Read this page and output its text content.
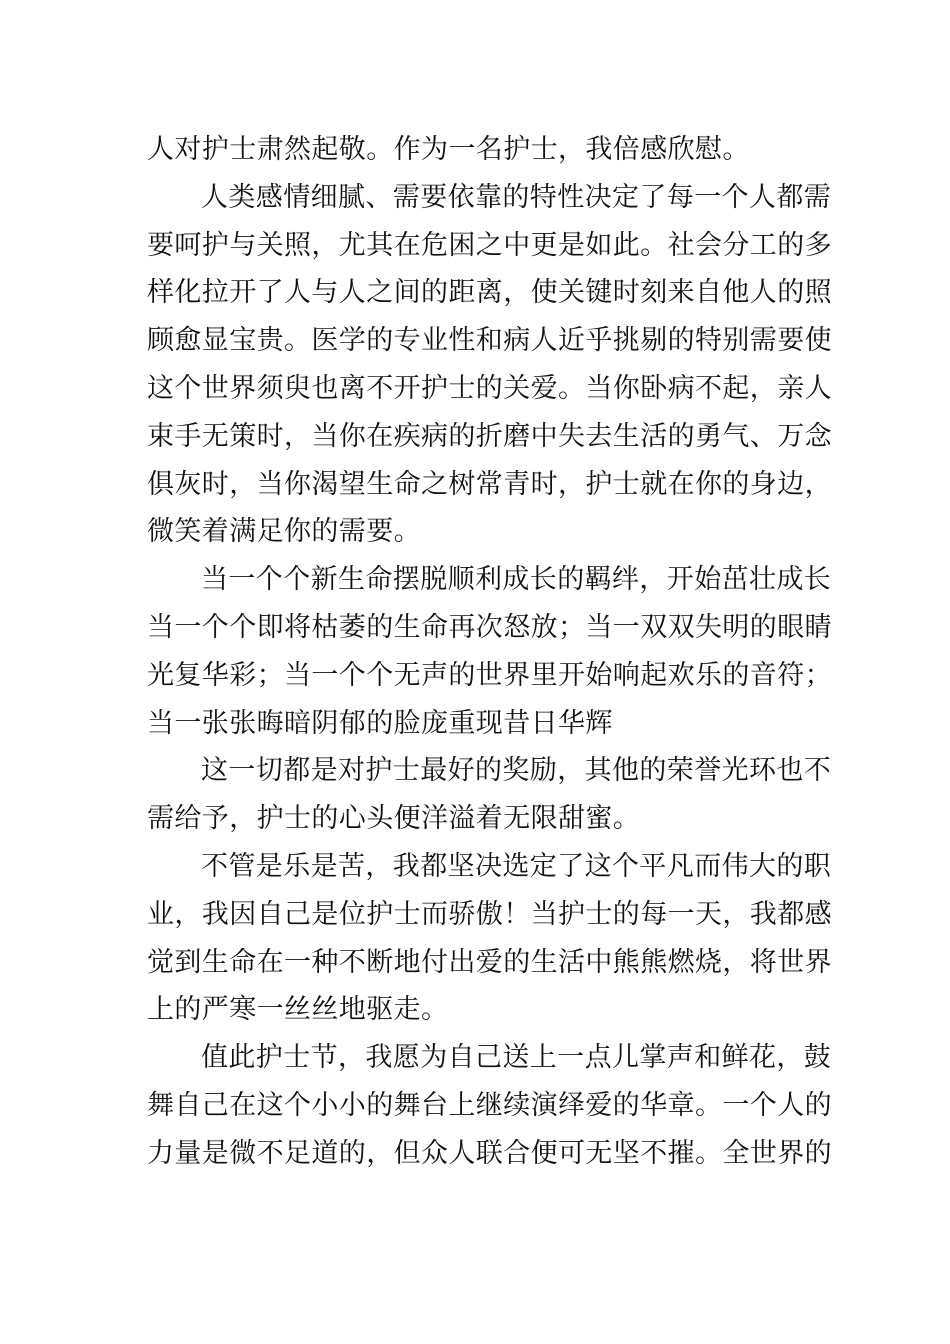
人对护士肃然起敬。作为一名护士，我倍感欣慰。
人类感情细腻、需要依靠的特性决定了每一个人都需
要呵护与关照，尤其在危困之中更是如此。社会分工的多
样化拉开了人与人之间的距离，使关键时刻来自他人的照
顾愈显宝贵。医学的专业性和病人近乎挑剔的特别需要使
这个世界须臾也离不开护士的关爱。当你卧病不起，亲人
束手无策时，当你在疾病的折磨中失去生活的勇气、万念
俱灰时，当你渴望生命之树常青时，护士就在你的身边，
微笑着满足你的需要。
当一个个新生命摆脱顺利成长的羁绊，开始茁壮成长
当一个个即将枯萎的生命再次怒放；当一双双失明的眼睛
光复华彩；当一个个无声的世界里开始响起欢乐的音符；
当一张张晦暗阴郁的脸庞重现昔日华辉
这一切都是对护士最好的奖励，其他的荣誉光环也不
需给予，护士的心头便洋溢着无限甜蜜。
不管是乐是苦，我都坚决选定了这个平凡而伟大的职
业，我因自己是位护士而骄傲！当护士的每一天，我都感
觉到生命在一种不断地付出爱的生活中熊熊燃烧，将世界
上的严寒一丝丝地驱走。
值此护士节，我愿为自己送上一点儿掌声和鲜花，鼓
舞自己在这个小小的舞台上继续演绎爱的华章。一个人的
力量是微不足道的，但众人联合便可无坚不摧。全世界的
